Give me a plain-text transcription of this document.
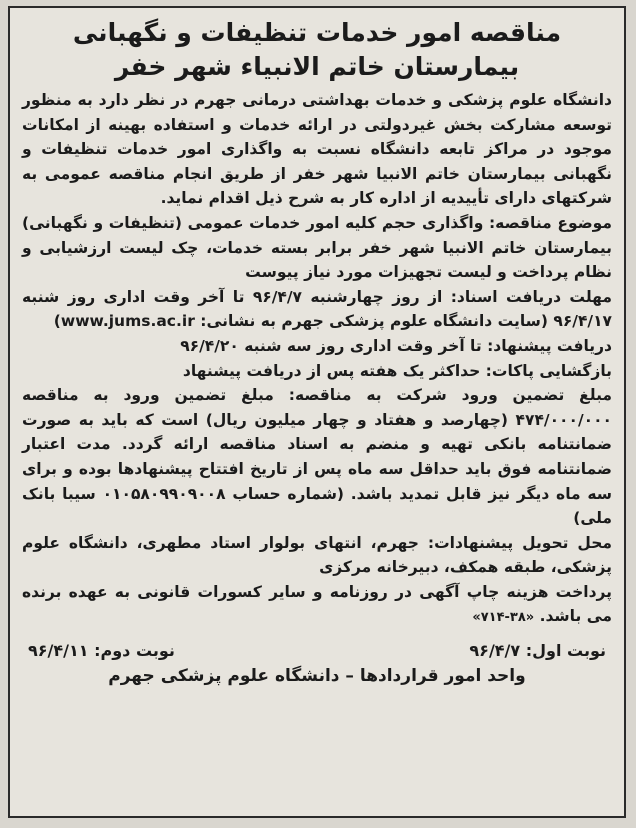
مناقصه امور خدمات تنظیفات و نگهبانی
بیمارستان خاتم الانبیاء شهر خفر

دانشگاه علوم پزشکی و خدمات بهداشتی درمانی جهرم در نظر دارد به منظور توسعه مشارکت بخش غیردولتی در ارائه خدمات و استفاده بهینه از امکانات موجود در مراکز تابعه دانشگاه نسبت به واگذاری امور خدمات تنظیفات و نگهبانی بیمارستان خاتم الانبیا شهر خفر از طریق انجام مناقصه عمومی به شرکتهای دارای تأییدیه از اداره کار به شرح ذیل اقدام نماید.

موضوع مناقصه: واگذاری حجم کلیه امور خدمات عمومی (تنظیفات و نگهبانی) بیمارستان خاتم الانبیا شهر خفر برابر بسته خدمات، چک لیست ارزشیابی و نظام پرداخت و لیست تجهیزات مورد نیاز پیوست

مهلت دریافت اسناد: از روز چهارشنبه ۹۶/۴/۷ تا آخر وقت اداری روز شنبه ۹۶/۴/۱۷ (سایت دانشگاه علوم پزشکی جهرم به نشانی: www.jums.ac.ir)

دریافت پیشنهاد: تا آخر وقت اداری روز سه شنبه ۹۶/۴/۲۰

بازگشایی پاکات: حداکثر یک هفته پس از دریافت پیشنهاد

مبلغ تضمین ورود شرکت به مناقصه: مبلغ تضمین ورود به مناقصه ۴۷۴/۰۰۰/۰۰۰ (چهارصد و هفتاد و چهار میلیون ریال) است که باید به صورت ضمانتنامه بانکی تهیه و منضم به اسناد مناقصه ارائه گردد. مدت اعتبار ضمانتنامه فوق باید حداقل سه ماه پس از تاریخ افتتاح پیشنهادها بوده و برای سه ماه دیگر نیز قابل تمدید باشد. (شماره حساب ۰۱۰۵۸۰۹۹۰۹۰۰۸ سیبا بانک ملی)

محل تحویل پیشنهادات: جهرم، انتهای بولوار استاد مطهری، دانشگاه علوم پزشکی، طبقه همکف، دبیرخانه مرکزی

پرداخت هزینه چاپ آگهی در روزنامه و سایر کسورات قانونی به عهده برنده می باشد. «۷۱۴-۳۸»

نوبت اول: ۹۶/۴/۷
نوبت دوم: ۹۶/۴/۱۱
واحد امور قراردادها – دانشگاه علوم پزشکی جهرم
